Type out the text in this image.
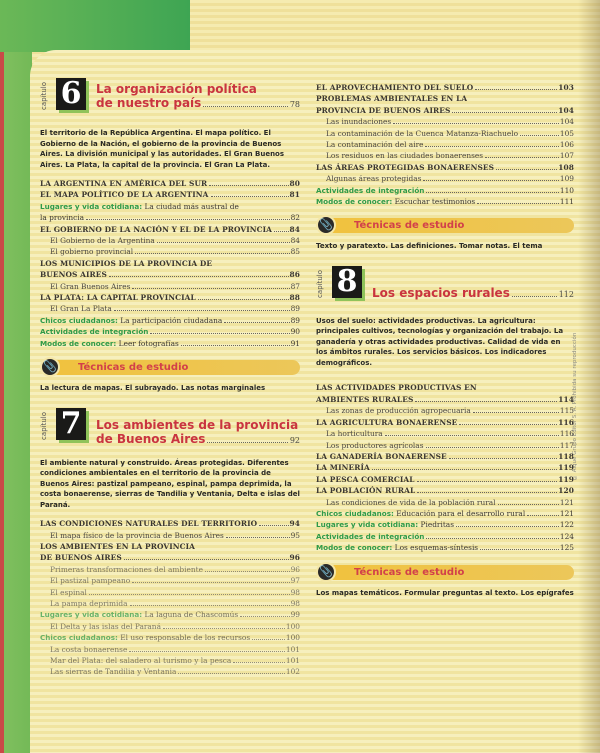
© Aique Grupo Editor S. A. Prohibida su reproducción
capítulo 6	La organización política
de nuestro país	78
El territorio de la República Argentina. El mapa político. El Gobierno de la Nación, el gobierno de la provincia de Buenos Aires. La división municipal y las autoridades. El Gran Buenos Aires. La Plata, la capital de la provincia. El Gran La Plata.
LA ARGENTINA EN AMÉRICA DEL SUR	80
EL MAPA POLÍTICO DE LA ARGENTINA	81
Lugares y vida cotidiana: La ciudad más austral de
la provincia	82
EL GOBIERNO DE LA NACIÓN Y EL DE LA PROVINCIA 84
El Gobierno de la Argentina	84
El gobierno provincial	85
LOS MUNICIPIOS DE LA PROVINCIA DE
BUENOS AIRES	86
El Gran Buenos Aires	87
LA PLATA: LA CAPITAL PROVINCIAL	88
El Gran La Plata	89
Chicos ciudadanos: La participación ciudadana	89
Actividades de integración	90
Modos de conocer: Leer fotografías	91
📎	Técnicas de estudio
La lectura de mapas. El subrayado. Las notas marginales
capítulo 7	Los ambientes de la provincia
de Buenos Aires	92
El ambiente natural y construido. Áreas protegidas. Diferentes condiciones ambientales en el territorio de la provincia de Buenos Aires: pastizal pampeano, espinal, pampa deprimida, la costa bonaerense, sierras de Tandilia y Ventania, Delta e islas del Paraná.
LAS CONDICIONES NATURALES DEL TERRITORIO	94
El mapa físico de la provincia de Buenos Aires	95
LOS AMBIENTES EN LA PROVINCIA
DE BUENOS AIRES	96
Primeras transformaciones del ambiente	96
El pastizal pampeano	97
El espinal	98
La pampa deprimida	98
Lugares y vida cotidiana: La laguna de Chascomús	99
El Delta y las islas del Paraná	100
Chicos ciudadanos: El uso responsable de los recursos	100
La costa bonaerense	101
Mar del Plata: del saladero al turismo y la pesca	101
Las sierras de Tandilia y Ventania	102
EL APROVECHAMIENTO DEL SUELO	103
PROBLEMAS AMBIENTALES EN LA
PROVINCIA DE BUENOS AIRES	104
Las inundaciones	104
La contaminación de la Cuenca Matanza-Riachuelo	105
La contaminación del aire	106
Los residuos en las ciudades bonaerenses	107
LAS ÁREAS PROTEGIDAS BONAERENSES	108
Algunas áreas protegidas	109
Actividades de integración	110
Modos de conocer: Escuchar testimonios	111
📎	Técnicas de estudio
Texto y paratexto. Las definiciones. Tomar notas. El tema
capítulo 8	Los espacios rurales	112
Usos del suelo: actividades productivas. La agricultura: principales cultivos, tecnologías y organización del trabajo. La ganadería y otras actividades productivas. Calidad de vida en los ámbitos rurales. Los servicios básicos. Los indicadores demográficos.
LAS ACTIVIDADES PRODUCTIVAS EN
AMBIENTES RURALES	114
Las zonas de producción agropecuaria	115
LA AGRICULTURA BONAERENSE	116
La horticultura	116
Los productores agrícolas	117
LA GANADERÍA BONAERENSE	118
LA MINERÍA	119
LA PESCA COMERCIAL	119
LA POBLACIÓN RURAL	120
Las condiciones de vida de la población rural	121
Chicos ciudadanos: Educación para el desarrollo rural	121
Lugares y vida cotidiana: Piedritas	122
Actividades de integración	124
Modos de conocer: Los esquemas-síntesis	125
📎	Técnicas de estudio
Los mapas temáticos. Formular preguntas al texto. Los epígrafes
